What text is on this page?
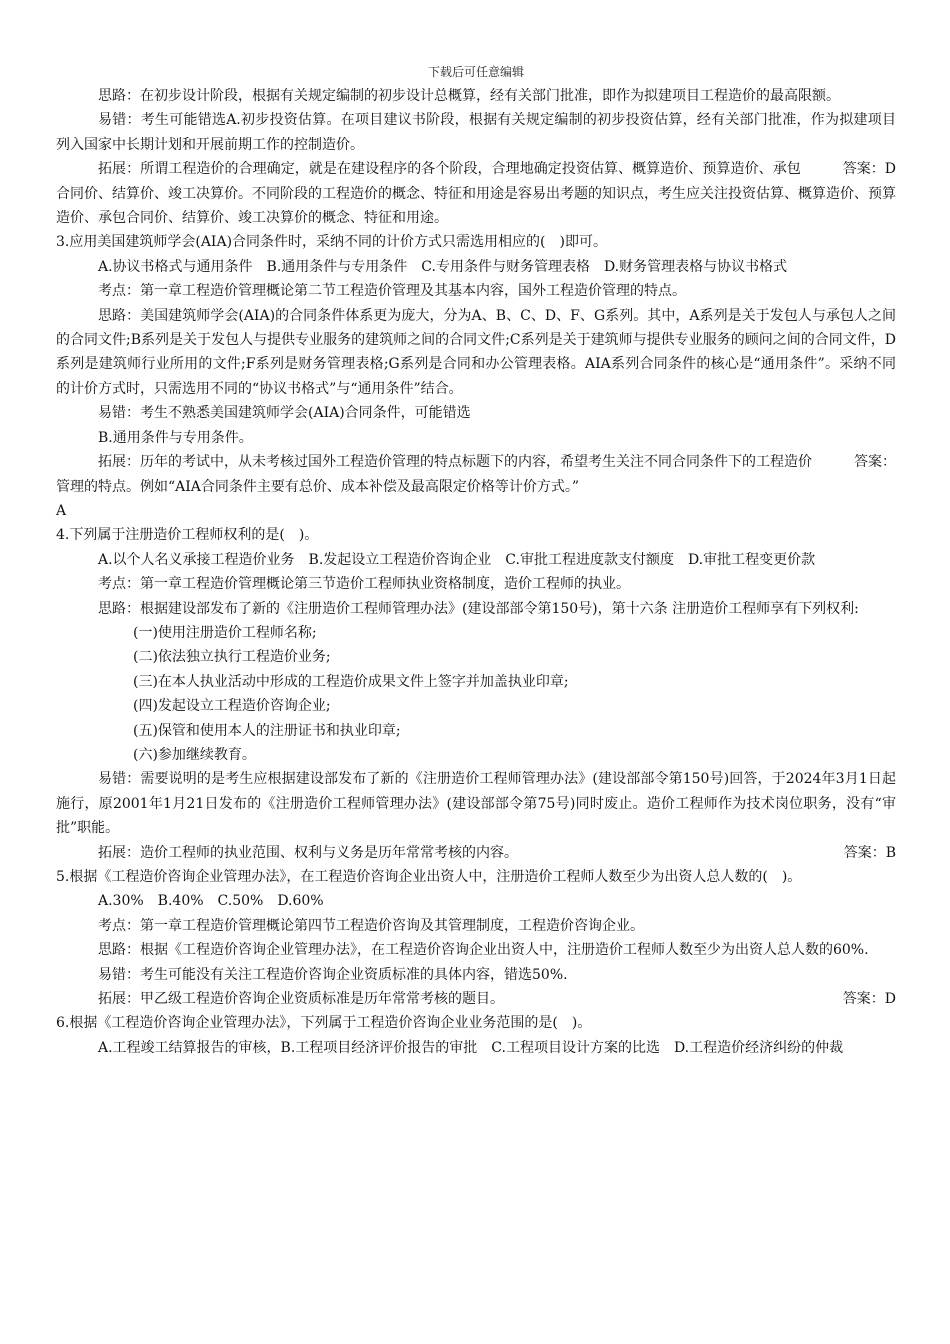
下载后可任意编辑

思路：在初步设计阶段，根据有关规定编制的初步设计总概算，经有关部门批准，即作为拟建项目工程造价的最高限额。

易错：考生可能错选A.初步投资估算。在项目建议书阶段，根据有关规定编制的初步投资估算，经有关部门批准，作为拟建项目列入国家中长期计划和开展前期工作的控制造价。

答案：D
拓展：所谓工程造价的合理确定，就是在建设程序的各个阶段，合理地确定投资估算、概算造价、预算造价、承包合同价、结算价、竣工决算价。不同阶段的工程造价的概念、特征和用途是容易出考题的知识点，考生应关注投资估算、概算造价、预算造价、承包合同价、结算价、竣工决算价的概念、特征和用途。

3.应用美国建筑师学会(AIA)合同条件时，采纳不同的计价方式只需选用相应的(　)即可。

A.协议书格式与通用条件　B.通用条件与专用条件　C.专用条件与财务管理表格　D.财务管理表格与协议书格式

考点：第一章工程造价管理概论第二节工程造价管理及其基本内容，国外工程造价管理的特点。

思路：美国建筑师学会(AIA)的合同条件体系更为庞大，分为A、B、C、D、F、G系列。其中，A系列是关于发包人与承包人之间的合同文件;B系列是关于发包人与提供专业服务的建筑师之间的合同文件;C系列是关于建筑师与提供专业服务的顾问之间的合同文件，D系列是建筑师行业所用的文件;F系列是财务管理表格;G系列是合同和办公管理表格。AIA系列合同条件的核心是“通用条件”。采纳不同的计价方式时，只需选用不同的“协议书格式”与“通用条件”结合。

易错：考生不熟悉美国建筑师学会(AIA)合同条件，可能错选

B.通用条件与专用条件。

答案：
拓展：历年的考试中，从未考核过国外工程造价管理的特点标题下的内容，希望考生关注不同合同条件下的工程造价管理的特点。例如“AIA合同条件主要有总价、成本补偿及最高限定价格等计价方式。”

A

4.下列属于注册造价工程师权利的是(　)。

A.以个人名义承接工程造价业务　B.发起设立工程造价咨询企业　C.审批工程进度款支付额度　D.审批工程变更价款

考点：第一章工程造价管理概论第三节造价工程师执业资格制度，造价工程师的执业。

思路：根据建设部发布了新的《注册造价工程师管理办法》(建设部部令第150号)，第十六条 注册造价工程师享有下列权利:

(一)使用注册造价工程师名称;

(二)依法独立执行工程造价业务;

(三)在本人执业活动中形成的工程造价成果文件上签字并加盖执业印章;

(四)发起设立工程造价咨询企业;

(五)保管和使用本人的注册证书和执业印章;

(六)参加继续教育。

易错：需要说明的是考生应根据建设部发布了新的《注册造价工程师管理办法》(建设部部令第150号)回答，于2024年3月1日起施行，原2001年1月21日发布的《注册造价工程师管理办法》(建设部部令第75号)同时废止。造价工程师作为技术岗位职务，没有“审批”职能。

答案：B
拓展：造价工程师的执业范围、权利与义务是历年常常考核的内容。

5.根据《工程造价咨询企业管理办法》，在工程造价咨询企业出资人中，注册造价工程师人数至少为出资人总人数的(　)。

A.30%　B.40%　C.50%　D.60%

考点：第一章工程造价管理概论第四节工程造价咨询及其管理制度，工程造价咨询企业。

思路：根据《工程造价咨询企业管理办法》，在工程造价咨询企业出资人中，注册造价工程师人数至少为出资人总人数的60%.

易错：考生可能没有关注工程造价咨询企业资质标准的具体内容，错选50%.

答案：D
拓展：甲乙级工程造价咨询企业资质标准是历年常常考核的题目。

6.根据《工程造价咨询企业管理办法》，下列属于工程造价咨询企业业务范围的是(　)。

A.工程竣工结算报告的审核，B.工程项目经济评价报告的审批　C.工程项目设计方案的比选　D.工程造价经济纠纷的仲裁
